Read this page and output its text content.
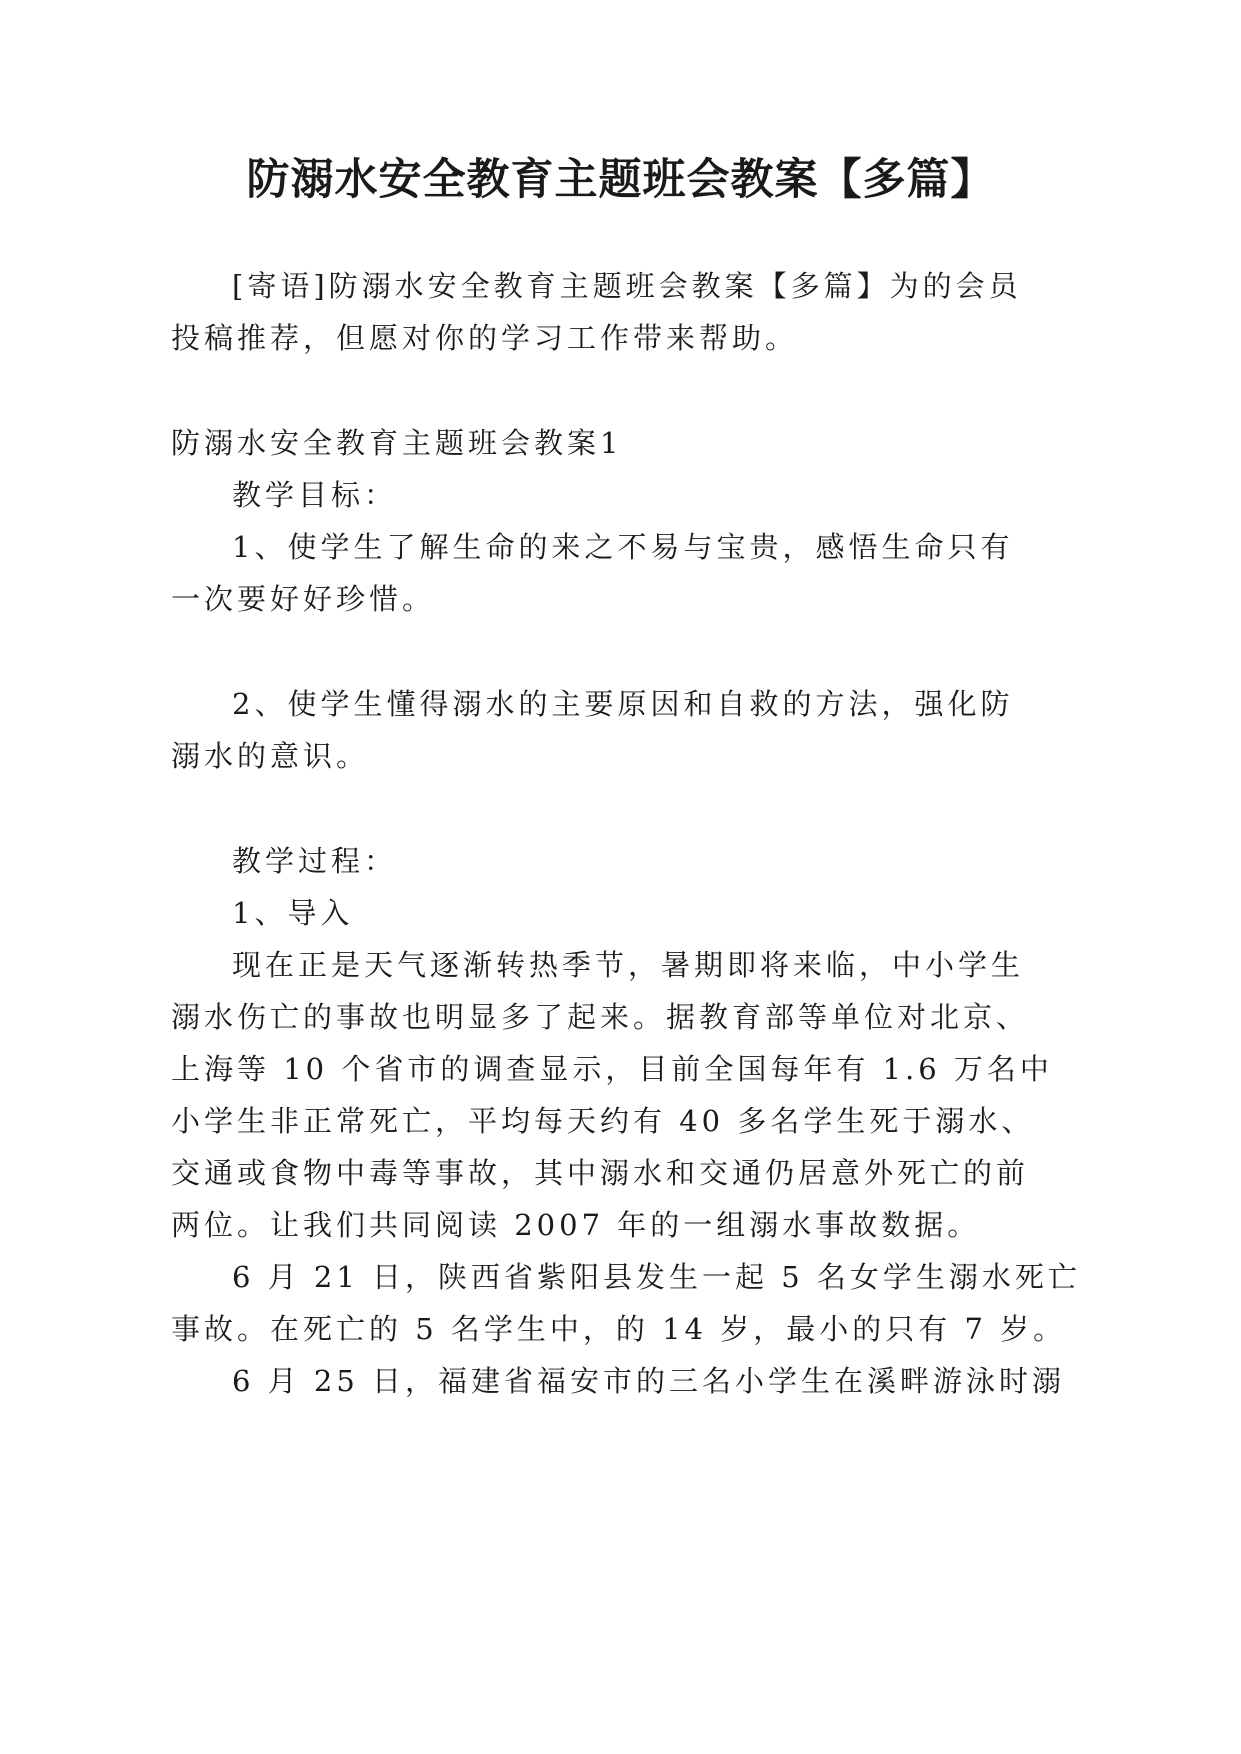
防溺水安全教育主题班会教案【多篇】
[寄语]防溺水安全教育主题班会教案【多篇】为的会员
投稿推荐，但愿对你的学习工作带来帮助。
防溺水安全教育主题班会教案1
教学目标：
1、使学生了解生命的来之不易与宝贵，感悟生命只有
一次要好好珍惜。
2、使学生懂得溺水的主要原因和自救的方法，强化防
溺水的意识。
教学过程：
1、导入
现在正是天气逐渐转热季节，暑期即将来临，中小学生
溺水伤亡的事故也明显多了起来。据教育部等单位对北京、
上海等 10 个省市的调查显示，目前全国每年有 1.6 万名中
小学生非正常死亡，平均每天约有 40 多名学生死于溺水、
交通或食物中毒等事故，其中溺水和交通仍居意外死亡的前
两位。让我们共同阅读 2007 年的一组溺水事故数据。
6 月 21 日，陕西省紫阳县发生一起 5 名女学生溺水死亡
事故。在死亡的 5 名学生中，的 14 岁，最小的只有 7 岁。
6 月 25 日，福建省福安市的三名小学生在溪畔游泳时溺
